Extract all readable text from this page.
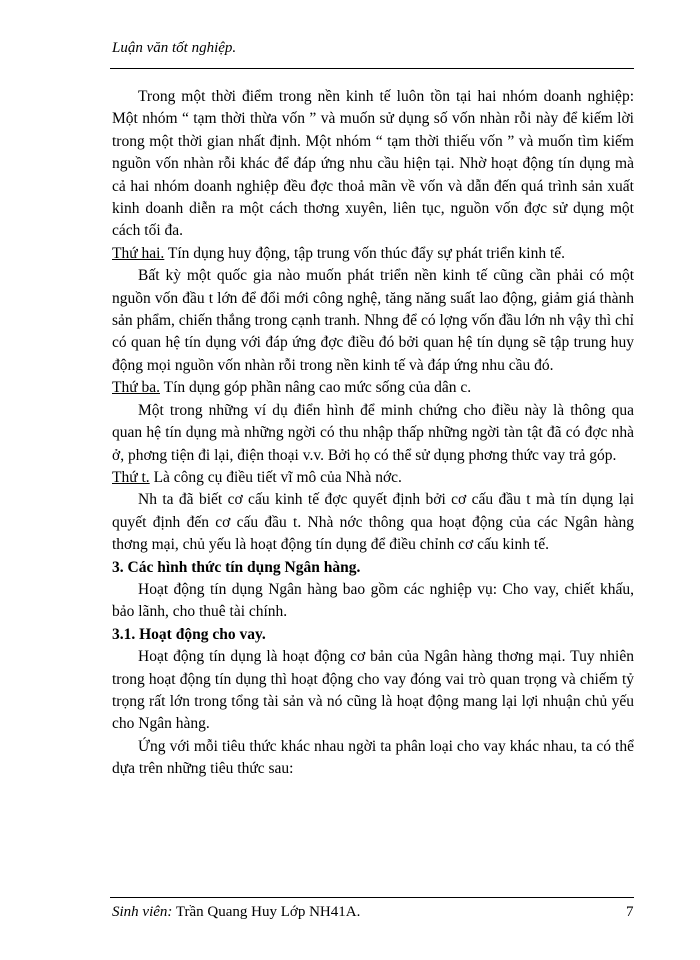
Luận văn tốt nghiệp.

Trong một thời điểm trong nền kinh tế luôn tồn tại hai nhóm doanh nghiệp: Một nhóm “ tạm thời thừa vốn ” và muốn sử dụng số vốn nhàn rỗi này để kiếm lời trong một thời gian nhất định. Một nhóm “ tạm thời thiếu vốn ” và muốn tìm kiếm nguồn vốn nhàn rỗi khác để đáp ứng nhu cầu hiện tại. Nhờ hoạt động tín dụng mà cả hai nhóm doanh nghiệp đều đợc thoả mãn về vốn và dẫn đến quá trình sản xuất kinh doanh diễn ra một cách thơng xuyên, liên tục, nguồn vốn đợc sử dụng một cách tối đa.

Thứ hai. Tín dụng huy động, tập trung vốn thúc đẩy sự phát triển kinh tế.

Bất kỳ một quốc gia nào muốn phát triển nền kinh tế cũng cần phải có một nguồn vốn đầu t lớn để đổi mới công nghệ, tăng năng suất lao động, giảm giá thành sản phẩm, chiến thắng trong cạnh tranh. Nhng để có lợng vốn đầu lớn nh vậy thì chỉ có quan hệ tín dụng với đáp ứng đợc điều đó bởi quan hệ tín dụng sẽ tập trung huy động mọi nguồn vốn nhàn rỗi trong nền kinh tế và đáp ứng nhu cầu đó.

Thứ ba. Tín dụng góp phần nâng cao mức sống của dân c.

Một trong những ví dụ điển hình để minh chứng cho điều này là thông qua quan hệ tín dụng mà những ngời có thu nhập thấp những ngời tàn tật đã có đợc nhà ở, phơng tiện đi lại, điện thoại v.v. Bởi họ có thể sử dụng phơng thức vay trả góp.

Thứ t. Là công cụ điều tiết vĩ mô của Nhà nớc.

Nh ta đã biết cơ cấu kinh tế đợc quyết định bởi cơ cấu đầu t mà tín dụng lại quyết định đến cơ cấu đầu t. Nhà nớc thông qua hoạt động của các Ngân hàng thơng mại, chủ yếu là hoạt động tín dụng để điều chỉnh cơ cấu kinh tế.

3. Các hình thức tín dụng Ngân hàng.

Hoạt động tín dụng Ngân hàng bao gồm các nghiệp vụ: Cho vay, chiết khấu, bảo lãnh, cho thuê tài chính.

3.1. Hoạt động cho vay.

Hoạt động tín dụng là hoạt động cơ bản của Ngân hàng thơng mại. Tuy nhiên trong hoạt động tín dụng thì hoạt động cho vay đóng vai trò quan trọng và chiếm tỷ trọng rất lớn trong tổng tài sản và nó cũng là hoạt động mang lại lợi nhuận chủ yếu cho Ngân hàng.

Ứng với mỗi tiêu thức khác nhau ngời ta phân loại cho vay khác nhau, ta có thể dựa trên những tiêu thức sau:

Sinh viên: Trần Quang Huy Lớp NH41A.	7
